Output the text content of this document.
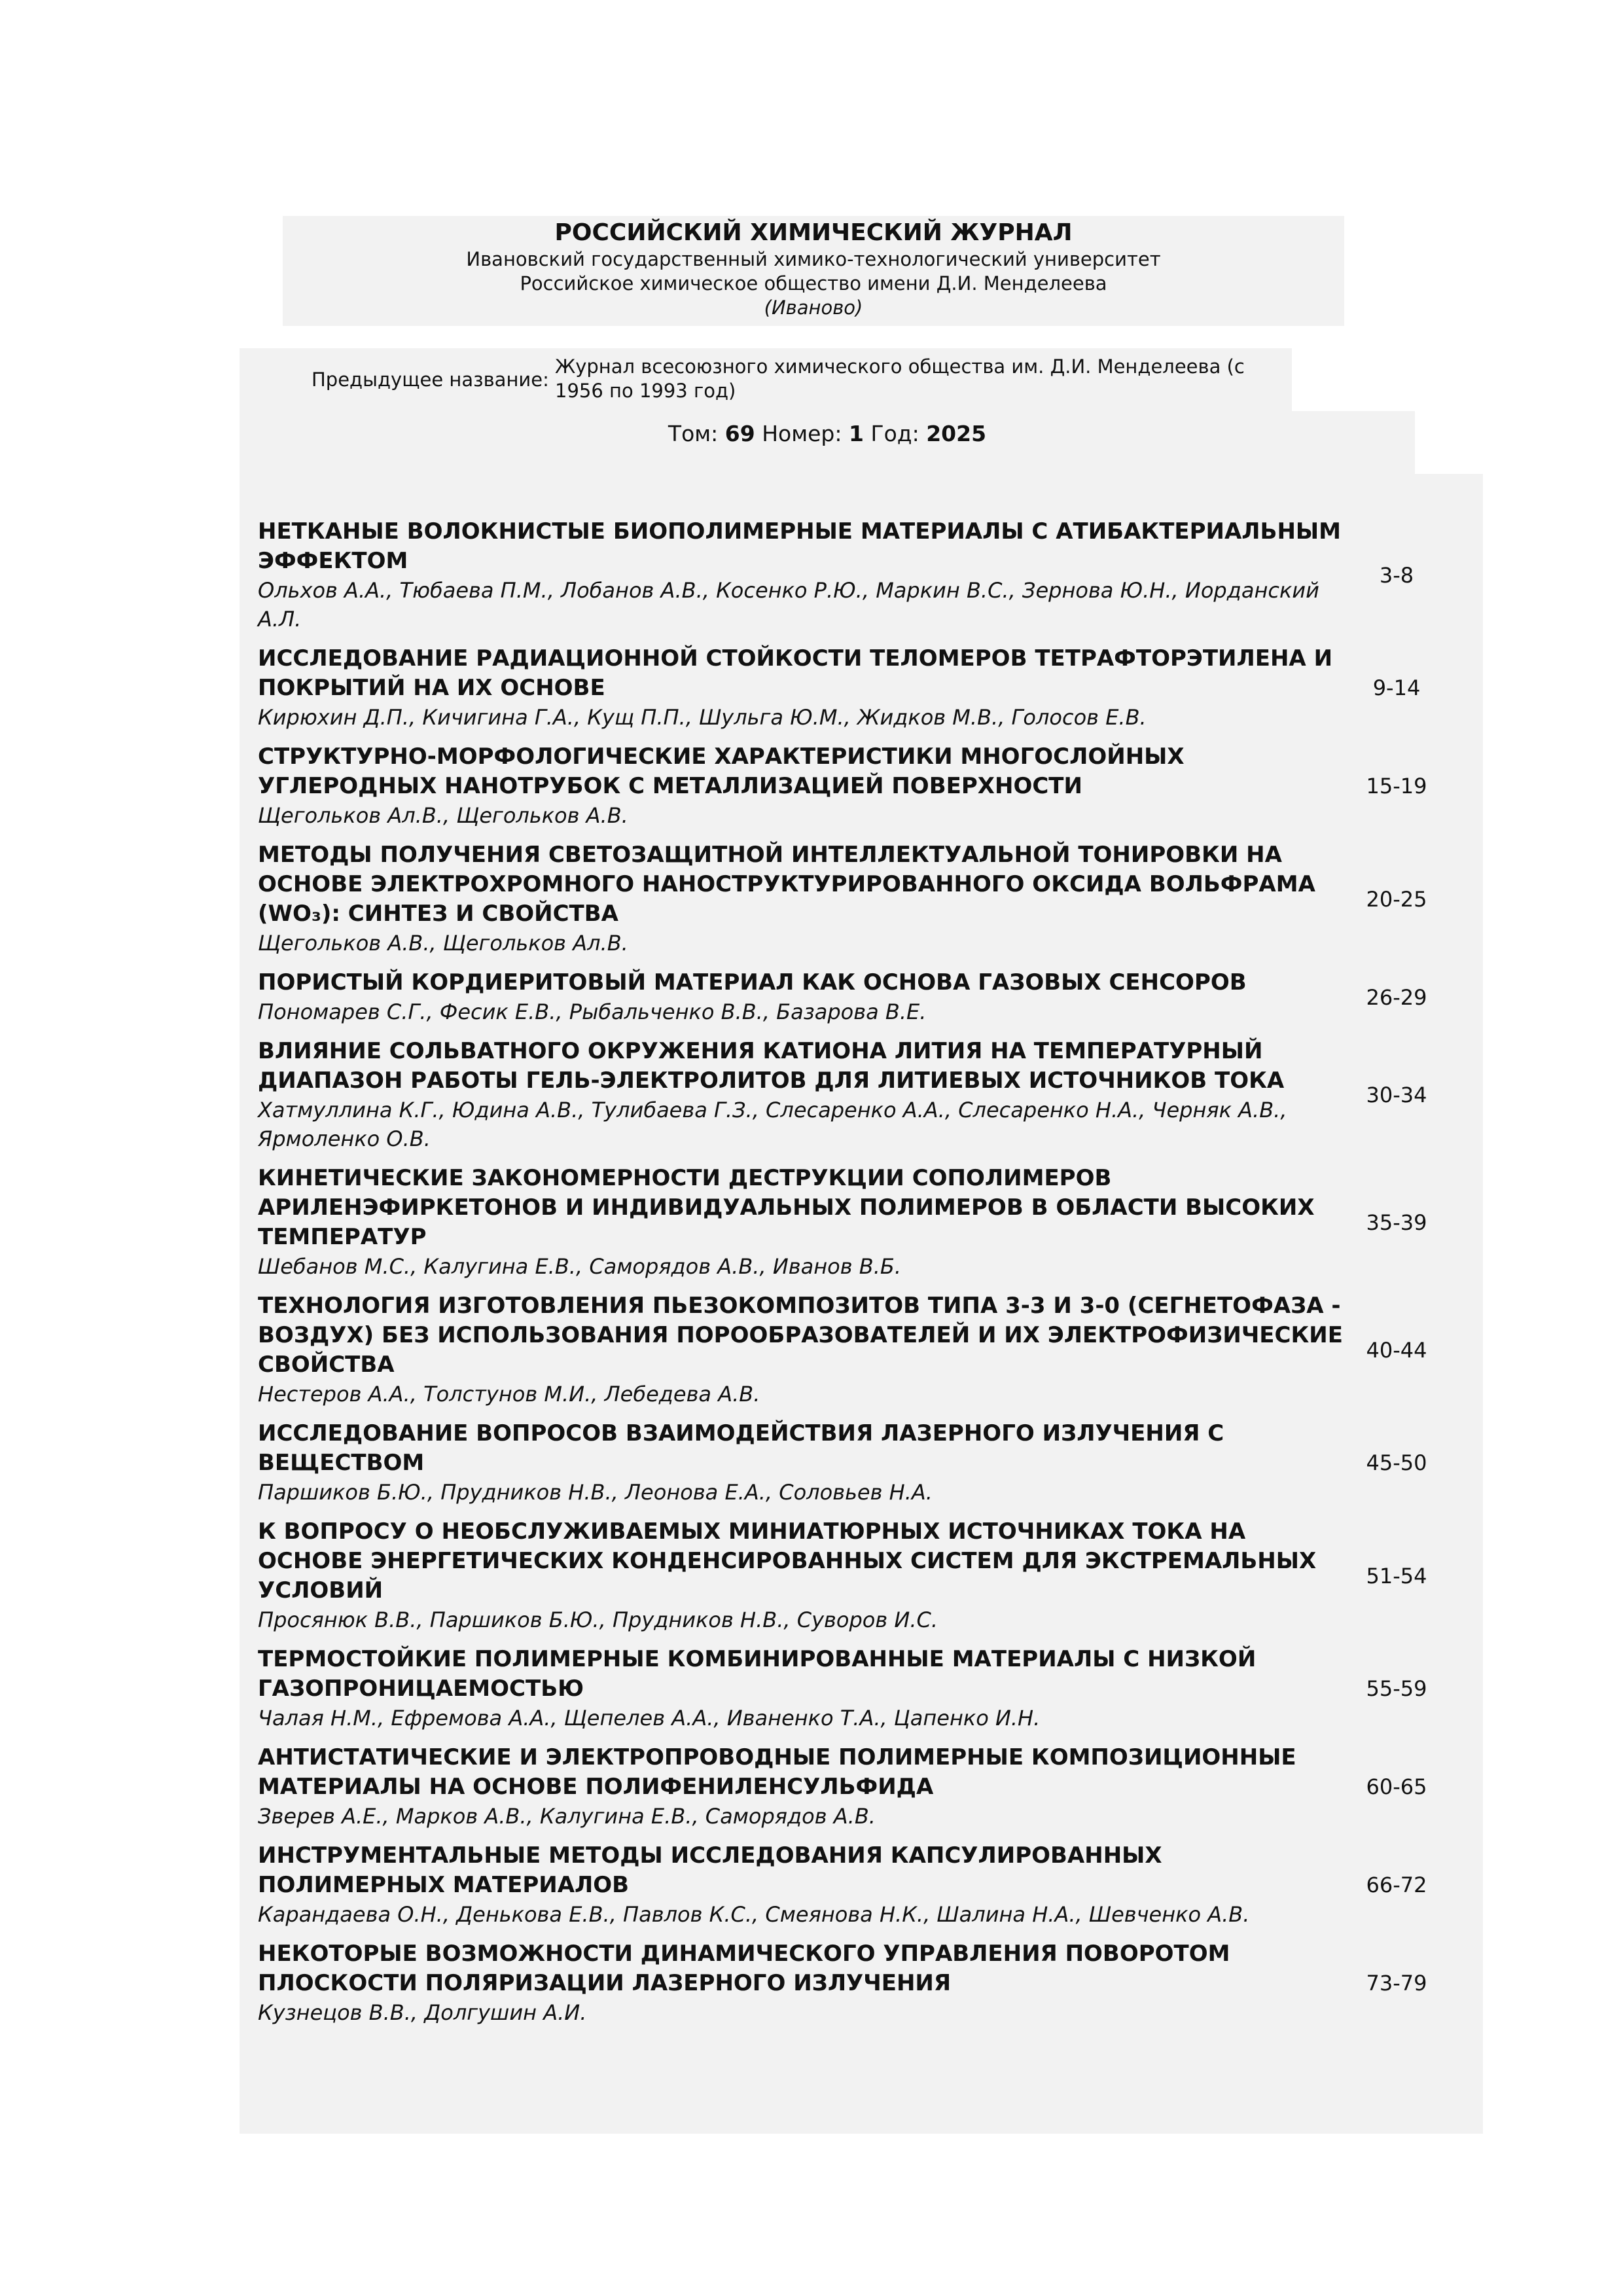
РОССИЙСКИЙ ХИМИЧЕСКИЙ ЖУРНАЛ
Ивановский государственный химико-технологический университет
Российское химическое общество имени Д.И. Менделеева
(Иваново)
Предыдущее название:
Журнал всесоюзного химического общества им. Д.И. Менделеева (с 1956 по 1993 год)
Том: 69 Номер: 1 Год: 2025
НЕТКАНЫЕ ВОЛОКНИСТЫЕ БИОПОЛИМЕРНЫЕ МАТЕРИАЛЫ С АТИБАКТЕРИАЛЬНЫМ ЭФФЕКТОМ
Ольхов А.А., Тюбаева П.М., Лобанов А.В., Косенко Р.Ю., Маркин В.С., Зернова Ю.Н., Иорданский А.Л.
3-8
ИССЛЕДОВАНИЕ РАДИАЦИОННОЙ СТОЙКОСТИ ТЕЛОМЕРОВ ТЕТРАФТОРЭТИЛЕНА И ПОКРЫТИЙ НА ИХ ОСНОВЕ
Кирюхин Д.П., Кичигина Г.А., Кущ П.П., Шульга Ю.М., Жидков М.В., Голосов Е.В.
9-14
СТРУКТУРНО-МОРФОЛОГИЧЕСКИЕ ХАРАКТЕРИСТИКИ МНОГОСЛОЙНЫХ УГЛЕРОДНЫХ НАНОТРУБОК С МЕТАЛЛИЗАЦИЕЙ ПОВЕРХНОСТИ
Щегольков Ал.В., Щегольков А.В.
15-19
МЕТОДЫ ПОЛУЧЕНИЯ СВЕТОЗАЩИТНОЙ ИНТЕЛЛЕКТУАЛЬНОЙ ТОНИРОВКИ НА ОСНОВЕ ЭЛЕКТРОХРОМНОГО НАНОСТРУКТУРИРОВАННОГО ОКСИДА ВОЛЬФРАМА (WO₃): СИНТЕЗ И СВОЙСТВА
Щегольков А.В., Щегольков Ал.В.
20-25
ПОРИСТЫЙ КОРДИЕРИТОВЫЙ МАТЕРИАЛ КАК ОСНОВА ГАЗОВЫХ СЕНСОРОВ
Пономарев С.Г., Фесик Е.В., Рыбальченко В.В., Базарова В.Е.
26-29
ВЛИЯНИЕ СОЛЬВАТНОГО ОКРУЖЕНИЯ КАТИОНА ЛИТИЯ НА ТЕМПЕРАТУРНЫЙ ДИАПАЗОН РАБОТЫ ГЕЛЬ-ЭЛЕКТРОЛИТОВ ДЛЯ ЛИТИЕВЫХ ИСТОЧНИКОВ ТОКА
Хатмуллина К.Г., Юдина А.В., Тулибаева Г.З., Слесаренко А.А., Слесаренко Н.А., Черняк А.В., Ярмоленко О.В.
30-34
КИНЕТИЧЕСКИЕ ЗАКОНОМЕРНОСТИ ДЕСТРУКЦИИ СОПОЛИМЕРОВ АРИЛЕНЭФИРКЕТОНОВ И ИНДИВИДУАЛЬНЫХ ПОЛИМЕРОВ В ОБЛАСТИ ВЫСОКИХ ТЕМПЕРАТУР
Шебанов М.С., Калугина Е.В., Саморядов А.В., Иванов В.Б.
35-39
ТЕХНОЛОГИЯ ИЗГОТОВЛЕНИЯ ПЬЕЗОКОМПОЗИТОВ ТИПА 3-3 И 3-0 (СЕГНЕТОФАЗА - ВОЗДУХ) БЕЗ ИСПОЛЬЗОВАНИЯ ПОРООБРАЗОВАТЕЛЕЙ И ИХ ЭЛЕКТРОФИЗИЧЕСКИЕ СВОЙСТВА
Нестеров А.А., Толстунов М.И., Лебедева А.В.
40-44
ИССЛЕДОВАНИЕ ВОПРОСОВ ВЗАИМОДЕЙСТВИЯ ЛАЗЕРНОГО ИЗЛУЧЕНИЯ С ВЕЩЕСТВОМ
Паршиков Б.Ю., Прудников Н.В., Леонова Е.А., Соловьев Н.А.
45-50
К ВОПРОСУ О НЕОБСЛУЖИВАЕМЫХ МИНИАТЮРНЫХ ИСТОЧНИКАХ ТОКА НА ОСНОВЕ ЭНЕРГЕТИЧЕСКИХ КОНДЕНСИРОВАННЫХ СИСТЕМ ДЛЯ ЭКСТРЕМАЛЬНЫХ УСЛОВИЙ
Просянюк В.В., Паршиков Б.Ю., Прудников Н.В., Суворов И.С.
51-54
ТЕРМОСТОЙКИЕ ПОЛИМЕРНЫЕ КОМБИНИРОВАННЫЕ МАТЕРИАЛЫ С НИЗКОЙ ГАЗОПРОНИЦАЕМОСТЬЮ
Чалая Н.М., Ефремова А.А., Щепелев А.А., Иваненко Т.А., Цапенко И.Н.
55-59
АНТИСТАТИЧЕСКИЕ И ЭЛЕКТРОПРОВОДНЫЕ ПОЛИМЕРНЫЕ КОМПОЗИЦИОННЫЕ МАТЕРИАЛЫ НА ОСНОВЕ ПОЛИФЕНИЛЕНСУЛЬФИДА
Зверев А.Е., Марков А.В., Калугина Е.В., Саморядов А.В.
60-65
ИНСТРУМЕНТАЛЬНЫЕ МЕТОДЫ ИССЛЕДОВАНИЯ КАПСУЛИРОВАННЫХ ПОЛИМЕРНЫХ МАТЕРИАЛОВ
Карандаева О.Н., Денькова Е.В., Павлов К.С., Смеянова Н.К., Шалина Н.А., Шевченко А.В.
66-72
НЕКОТОРЫЕ ВОЗМОЖНОСТИ ДИНАМИЧЕСКОГО УПРАВЛЕНИЯ ПОВОРОТОМ ПЛОСКОСТИ ПОЛЯРИЗАЦИИ ЛАЗЕРНОГО ИЗЛУЧЕНИЯ
Кузнецов В.В., Долгушин А.И.
73-79
